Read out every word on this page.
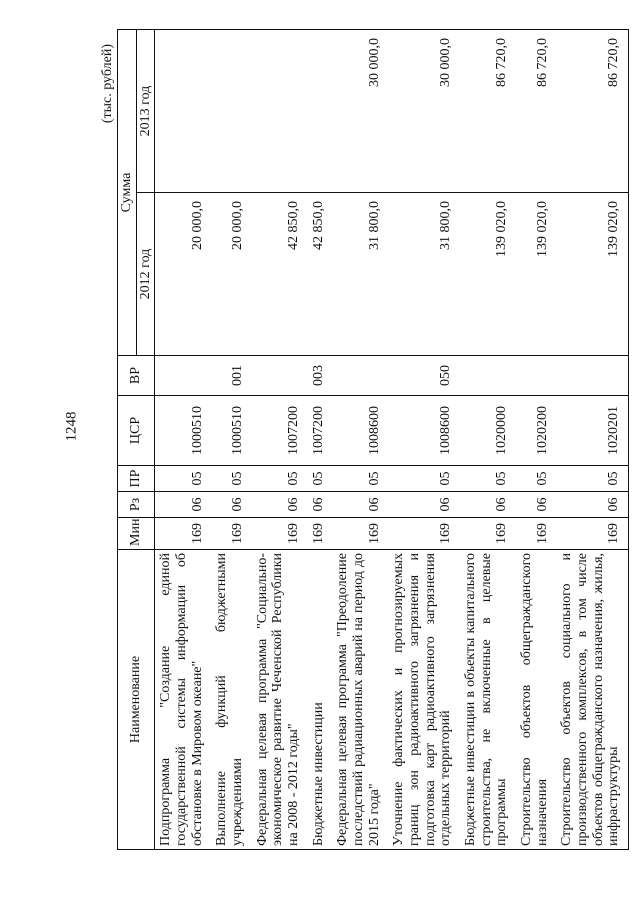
1248
(тыс. рублей)
Наименование	Мин	Рз	ПР	ЦСР	ВР	Сумма	
						2012 год	2013 год
Подпрограмма "Создание единой государственной системы информации об обстановке в Мировом океане"	169	06	05	1000510		20 000,0	
Выполнение функций бюджетными учреждениями	169	06	05	1000510	001	20 000,0	
Федеральная целевая программа "Социально-экономическое развитие Чеченской Республики на 2008 - 2012 годы"	169	06	05	1007200		42 850,0	
Бюджетные инвестиции	169	06	05	1007200	003	42 850,0	
Федеральная целевая программа "Преодоление последствий радиационных аварий на период до 2015 года"	169	06	05	1008600		31 800,0	30 000,0
Уточнение фактических и прогнозируемых границ зон радиоактивного загрязнения и подготовка карт радиоактивного загрязнения отдельных территорий	169	06	05	1008600	050	31 800,0	30 000,0
Бюджетные инвестиции в объекты капитального строительства, не включенные в целевые программы	169	06	05	1020000		139 020,0	86 720,0
Строительство объектов общегражданского назначения	169	06	05	1020200		139 020,0	86 720,0
Строительство объектов социального и производственного комплексов, в том числе объектов общегражданского назначения, жилья, инфраструктуры	169	06	05	1020201		139 020,0	86 720,0
